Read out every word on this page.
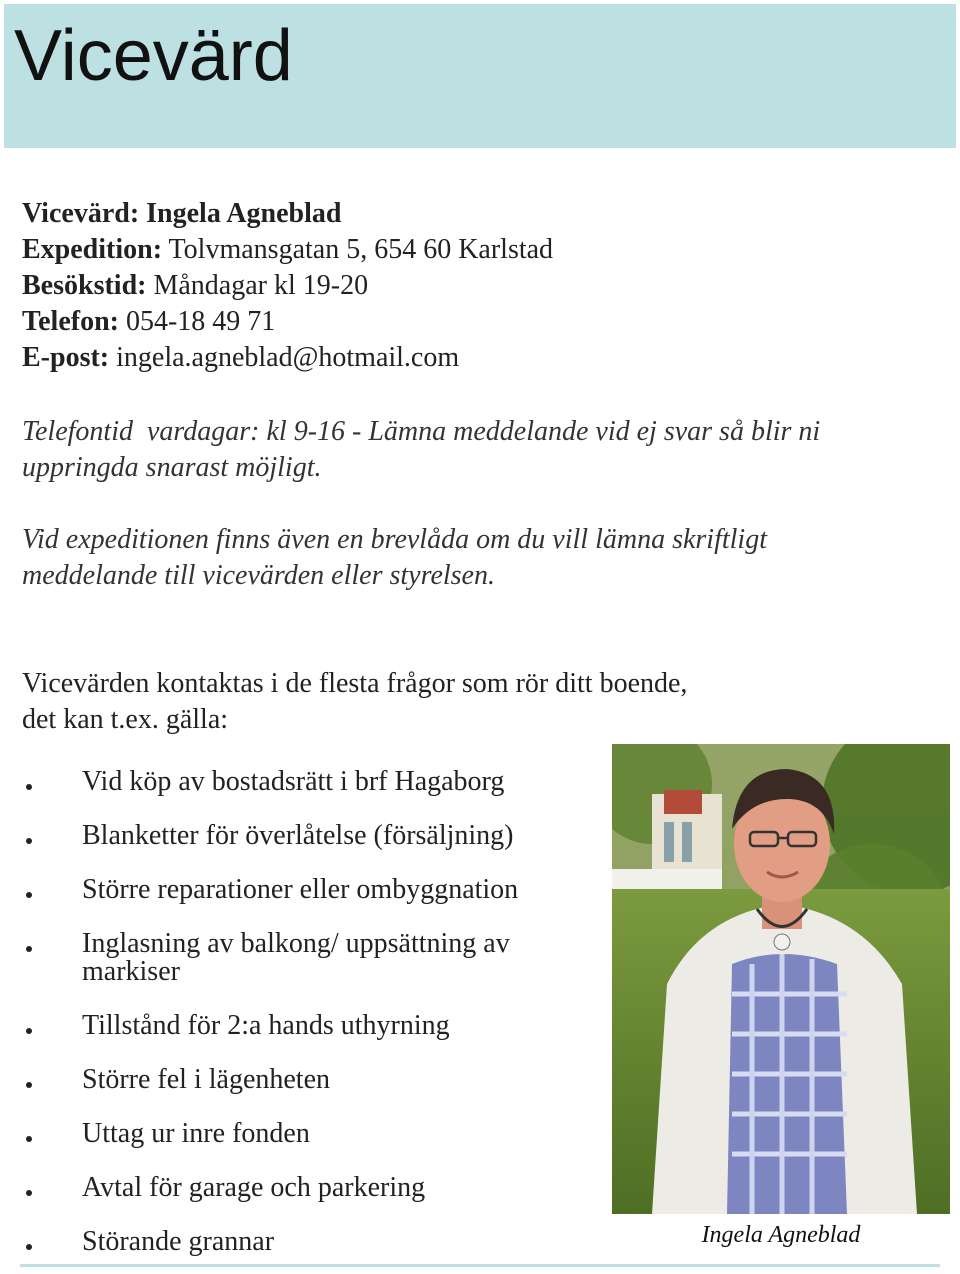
Vicevärd
Vicevärd: Ingela Agneblad
Expedition: Tolvmansgatan 5, 654 60 Karlstad
Besökstid: Måndagar kl 19-20
Telefon: 054-18 49 71
E-post: ingela.agneblad@hotmail.com
Telefontid  vardagar: kl 9-16 - Lämna meddelande vid ej svar så blir ni
uppringda snarast möjligt.
Vid expeditionen finns även en brevlåda om du vill lämna skriftligt
meddelande till vicevärden eller styrelsen.
Vicevärden kontaktas i de flesta frågor som rör ditt boende,
det kan t.ex. gälla:
Vid köp av bostadsrätt i brf Hagaborg
Blanketter för överlåtelse (försäljning)
Större reparationer eller ombyggnation
Inglasning av balkong/ uppsättning av markiser
Tillstånd för 2:a hands uthyrning
Större fel i lägenheten
Uttag ur inre fonden
Avtal för garage och parkering
Störande grannar	Ingela Agneblad
